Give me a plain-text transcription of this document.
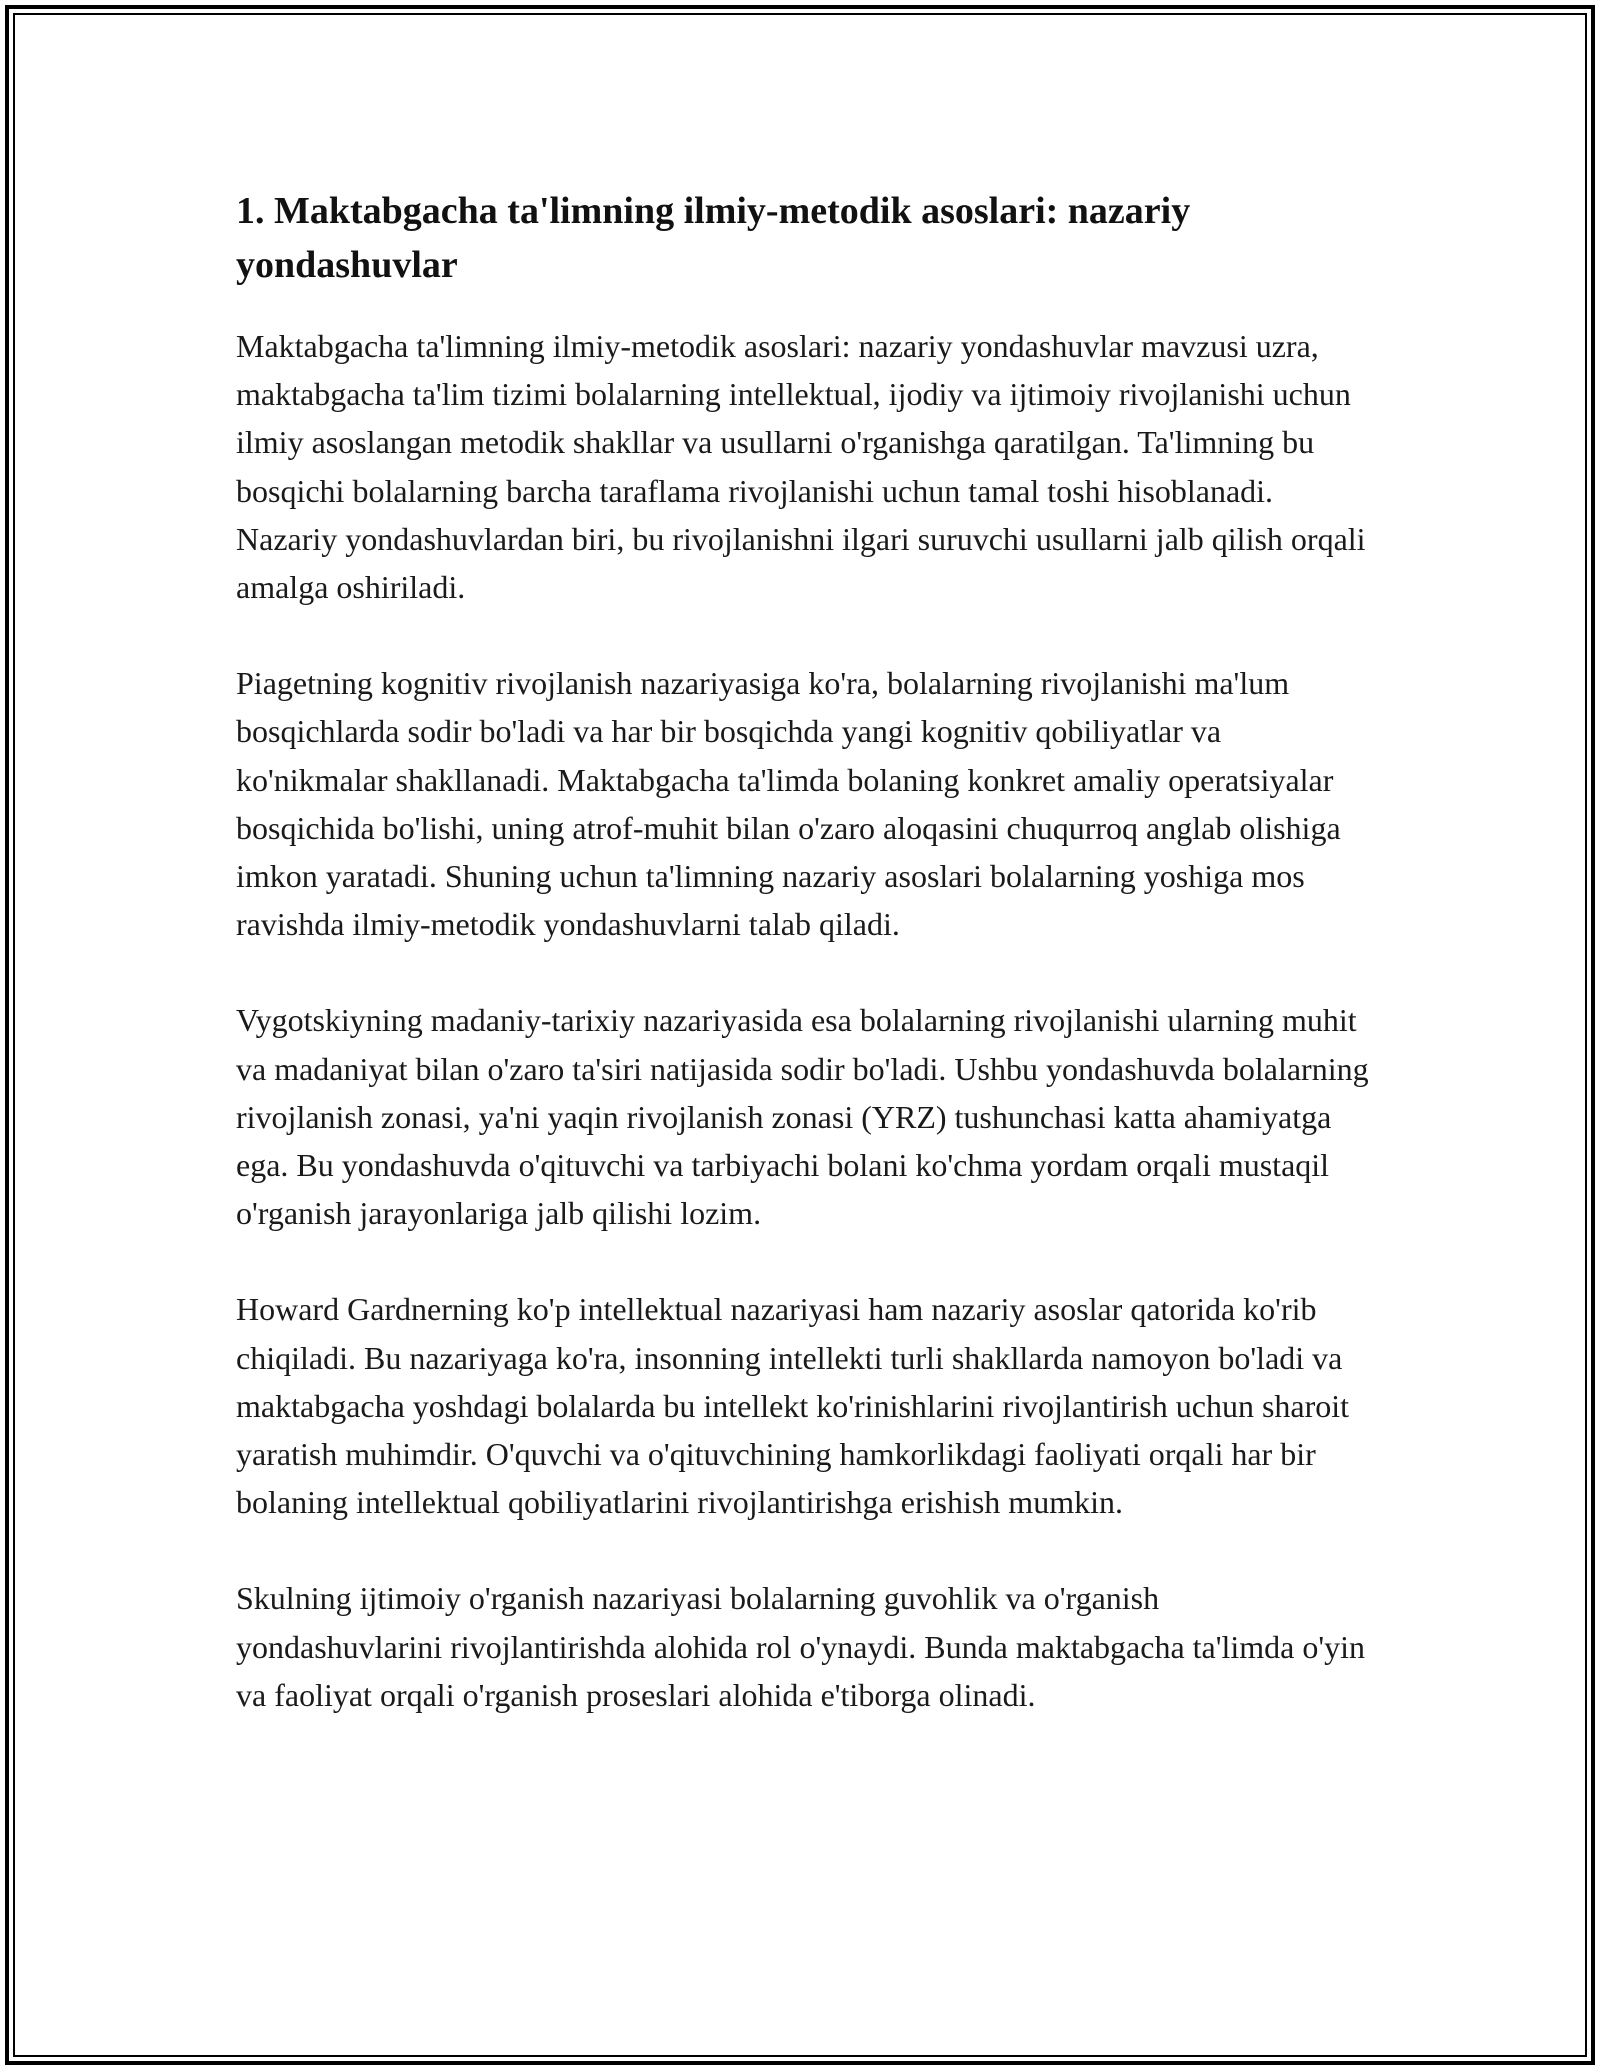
1. Maktabgacha ta'limning ilmiy-metodik asoslari: nazariy yondashuvlar

Maktabgacha ta'limning ilmiy-metodik asoslari: nazariy yondashuvlar mavzusi uzra, maktabgacha ta'lim tizimi bolalarning intellektual, ijodiy va ijtimoiy rivojlanishi uchun ilmiy asoslangan metodik shakllar va usullarni o'rganishga qaratilgan. Ta'limning bu bosqichi bolalarning barcha taraflama rivojlanishi uchun tamal toshi hisoblanadi. Nazariy yondashuvlardan biri, bu rivojlanishni ilgari suruvchi usullarni jalb qilish orqali amalga oshiriladi.

Piagetning kognitiv rivojlanish nazariyasiga ko'ra, bolalarning rivojlanishi ma'lum bosqichlarda sodir bo'ladi va har bir bosqichda yangi kognitiv qobiliyatlar va ko'nikmalar shakllanadi. Maktabgacha ta'limda bolaning konkret amaliy operatsiyalar bosqichida bo'lishi, uning atrof-muhit bilan o'zaro aloqasini chuqurroq anglab olishiga imkon yaratadi. Shuning uchun ta'limning nazariy asoslari bolalarning yoshiga mos ravishda ilmiy-metodik yondashuvlarni talab qiladi.

Vygotskiyning madaniy-tarixiy nazariyasida esa bolalarning rivojlanishi ularning muhit va madaniyat bilan o'zaro ta'siri natijasida sodir bo'ladi. Ushbu yondashuvda bolalarning rivojlanish zonasi, ya'ni yaqin rivojlanish zonasi (YRZ) tushunchasi katta ahamiyatga ega. Bu yondashuvda o'qituvchi va tarbiyachi bolani ko'chma yordam orqali mustaqil o'rganish jarayonlariga jalb qilishi lozim.

Howard Gardnerning ko'p intellektual nazariyasi ham nazariy asoslar qatorida ko'rib chiqiladi. Bu nazariyaga ko'ra, insonning intellekti turli shakllarda namoyon bo'ladi va maktabgacha yoshdagi bolalarda bu intellekt ko'rinishlarini rivojlantirish uchun sharoit yaratish muhimdir. O'quvchi va o'qituvchining hamkorlikdagi faoliyati orqali har bir bolaning intellektual qobiliyatlarini rivojlantirishga erishish mumkin.

Skulning ijtimoiy o'rganish nazariyasi bolalarning guvohlik va o'rganish yondashuvlarini rivojlantirishda alohida rol o'ynaydi. Bunda maktabgacha ta'limda o'yin va faoliyat orqali o'rganish proseslari alohida e'tiborga olinadi.
